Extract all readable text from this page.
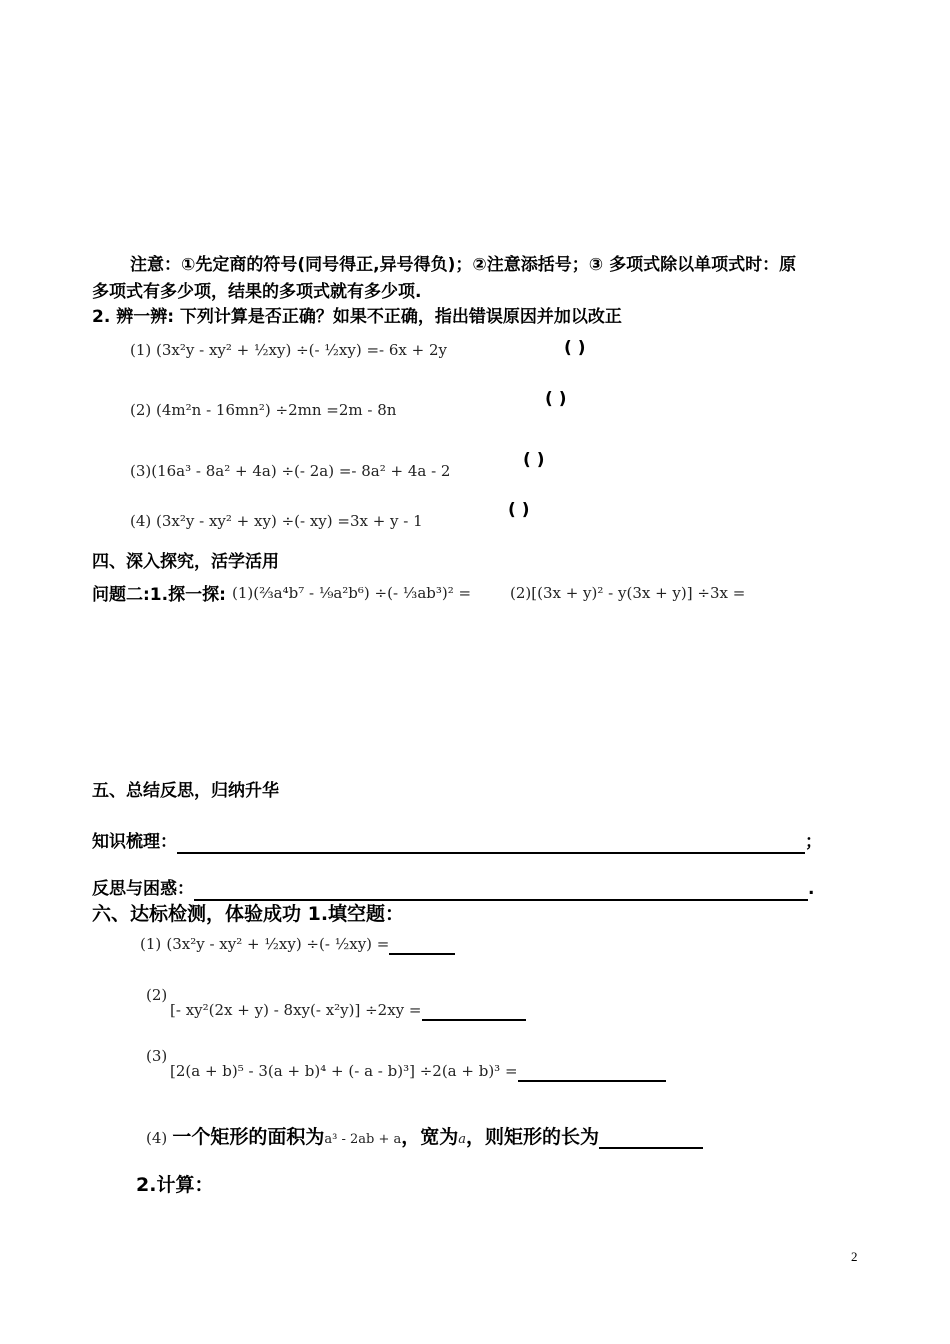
注意：①先定商的符号(同号得正,异号得负)；②注意添括号；③ 多项式除以单项式时：原
多项式有多少项，结果的多项式就有多少项.
2. 辨一辨: 下列计算是否正确？如果不正确，指出错误原因并加以改正
(1) (3x²y - xy² + ½xy) ÷(- ½xy) =- 6x + 2y	( )
(2) (4m²n - 16mn²) ÷2mn =2m - 8n
( )
(3)(16a³ - 8a² + 4a) ÷(- 2a) =- 8a² + 4a - 2
( )
(4) (3x²y - xy² + xy) ÷(- xy) =3x + y - 1
( )
四、深入探究，活学活用
问题二:1.探一探: (1)(⅔a⁴b⁷ - ⅑a²b⁶) ÷(- ⅓ab³)² =	(2)[(3x + y)² - y(3x + y)] ÷3x =
五、总结反思，归纳升华
知识梳理：	；
反思与困惑：	.
六、达标检测，体验成功 1.填空题：
(1) (3x²y - xy² + ½xy) ÷(- ½xy) =
(2)
[- xy²(2x + y) - 8xy(- x²y)] ÷2xy =
(3)
[2(a + b)⁵ - 3(a + b)⁴ + (- a - b)³] ÷2(a + b)³ =
(4) 一个矩形的面积为a³ - 2ab + a，宽为a，则矩形的长为
2.计算：
2
